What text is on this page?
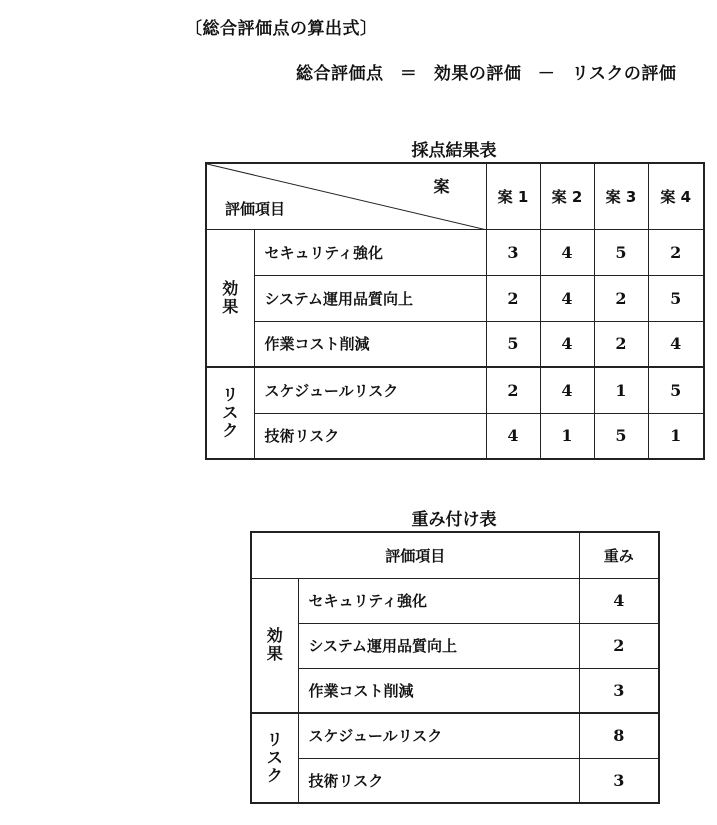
〔総合評価点の算出式〕
総合評価点 ＝ 効果の評価 － リスクの評価
採点結果表
案
評価項目		案 1	案 2	案 3	案 4

効
果	セキュリティ強化	3	4	5	2
	システム運用品質向上	2	4	2	5
	作業コスト削減	5	4	2	4

リ
ス
ク	スケジュールリスク	2	4	1	5
	技術リスク	4	1	5	1
重み付け表
評価項目		重み

効
果	セキュリティ強化	4
	システム運用品質向上	2
	作業コスト削減	3

リ
ス
ク	スケジュールリスク	8
	技術リスク	3
